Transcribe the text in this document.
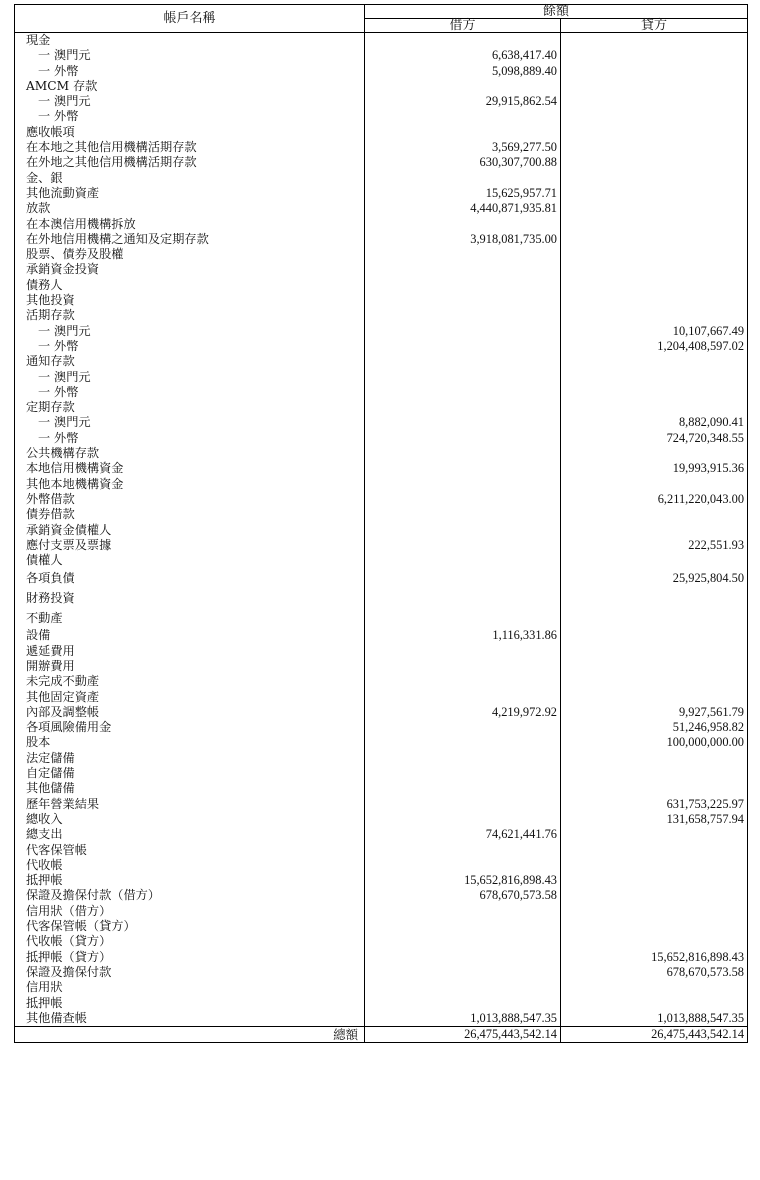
帳戶名稱	餘額	
	借方	貸方
現金		
一 澳門元	6,638,417.40	
一 外幣	5,098,889.40	
AMCM 存款		
一 澳門元	29,915,862.54	
一 外幣		
應收帳項		
在本地之其他信用機構活期存款	3,569,277.50	
在外地之其他信用機構活期存款	630,307,700.88	
金、銀		
其他流動資產	15,625,957.71	
放款	4,440,871,935.81	
在本澳信用機構拆放		
在外地信用機構之通知及定期存款	3,918,081,735.00	
股票、債券及股權		
承銷資金投資		
債務人		
其他投資		
活期存款		
一 澳門元		10,107,667.49
一 外幣		1,204,408,597.02
通知存款		
一 澳門元		
一 外幣		
定期存款		
一 澳門元		8,882,090.41
一 外幣		724,720,348.55
公共機構存款		
本地信用機構資金		19,993,915.36
其他本地機構資金		
外幣借款		6,211,220,043.00
債券借款		
承銷資金債權人		
應付支票及票據		222,551.93
債權人		
各項負債		25,925,804.50
財務投資		
不動產		
設備	1,116,331.86	
遞延費用		
開辦費用		
未完成不動產		
其他固定資產		
內部及調整帳	4,219,972.92	9,927,561.79
各項風險備用金		51,246,958.82
股本		100,000,000.00
法定儲備		
自定儲備		
其他儲備		
歷年營業結果		631,753,225.97
總收入		131,658,757.94
總支出	74,621,441.76	
代客保管帳		
代收帳		
抵押帳	15,652,816,898.43	
保證及擔保付款（借方）	678,670,573.58	
信用狀（借方）		
代客保管帳（貸方）		
代收帳（貸方）		
抵押帳（貸方）		15,652,816,898.43
保證及擔保付款		678,670,573.58
信用狀		
抵押帳		
其他備查帳	1,013,888,547.35	1,013,888,547.35
總額	26,475,443,542.14	26,475,443,542.14
